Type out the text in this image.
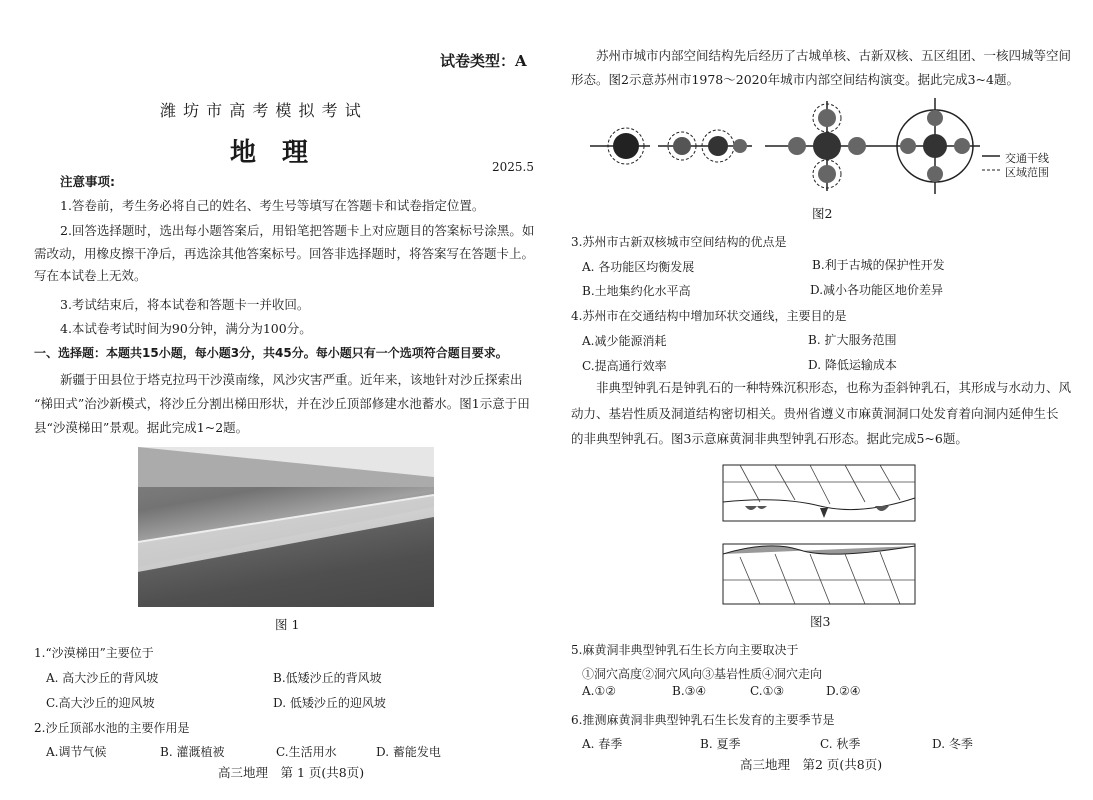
试卷类型：A
潍 坊 市 高 考 模 拟 考 试
地　理	2025.5
注意事项:
1.答卷前，考生务必将自己的姓名、考生号等填写在答题卡和试卷指定位置。
2.回答选择题时，选出每小题答案后，用铅笔把答题卡上对应题目的答案标号涂黑。如
需改动，用橡皮擦干净后，再选涂其他答案标号。回答非选择题时，将答案写在答题卡上。
写在本试卷上无效。
3.考试结束后，将本试卷和答题卡一并收回。
4.本试卷考试时间为90分钟，满分为100分。
一、选择题：本题共15小题，每小题3分，共45分。每小题只有一个选项符合题目要求。
新疆于田县位于塔克拉玛干沙漠南缘，风沙灾害严重。近年来，该地针对沙丘探索出
“梯田式”治沙新模式，将沙丘分割出梯田形状，并在沙丘顶部修建水池蓄水。图1示意于田
县“沙漠梯田”景观。据此完成1~2题。
图 1
1.“沙漠梯田”主要位于
A. 高大沙丘的背风坡	B.低矮沙丘的背风坡
C.高大沙丘的迎风坡	D. 低矮沙丘的迎风坡
2.沙丘顶部水池的主要作用是
A.调节气候	B. 灌溉植被	C.生活用水	D. 蓄能发电
高三地理　第 1 页(共8页)
苏州市城市内部空间结构先后经历了古城单核、古新双核、五区组团、一核四城等空间
形态。图2示意苏州市1978～2020年城市内部空间结构演变。据此完成3~4题。
交通干线
区域范围
图2
3.苏州市古新双核城市空间结构的优点是
A. 各功能区均衡发展	B.利于古城的保护性开发
B.土地集约化水平高	D.减小各功能区地价差异
4.苏州市在交通结构中增加环状交通线，主要目的是
A.减少能源消耗	B. 扩大服务范围
C.提高通行效率	D. 降低运输成本
非典型钟乳石是钟乳石的一种特殊沉积形态，也称为歪斜钟乳石，其形成与水动力、风
动力、基岩性质及洞道结构密切相关。贵州省遵义市麻黄洞洞口处发育着向洞内延伸生长
的非典型钟乳石。图3示意麻黄洞非典型钟乳石形态。据此完成5~6题。
图3
5.麻黄洞非典型钟乳石生长方向主要取决于
①洞穴高度②洞穴风向③基岩性质④洞穴走向
A.①②	B.③④	C.①③	D.②④
6.推测麻黄洞非典型钟乳石生长发育的主要季节是
A. 春季	B. 夏季	C. 秋季	D. 冬季
高三地理　第2 页(共8页)
